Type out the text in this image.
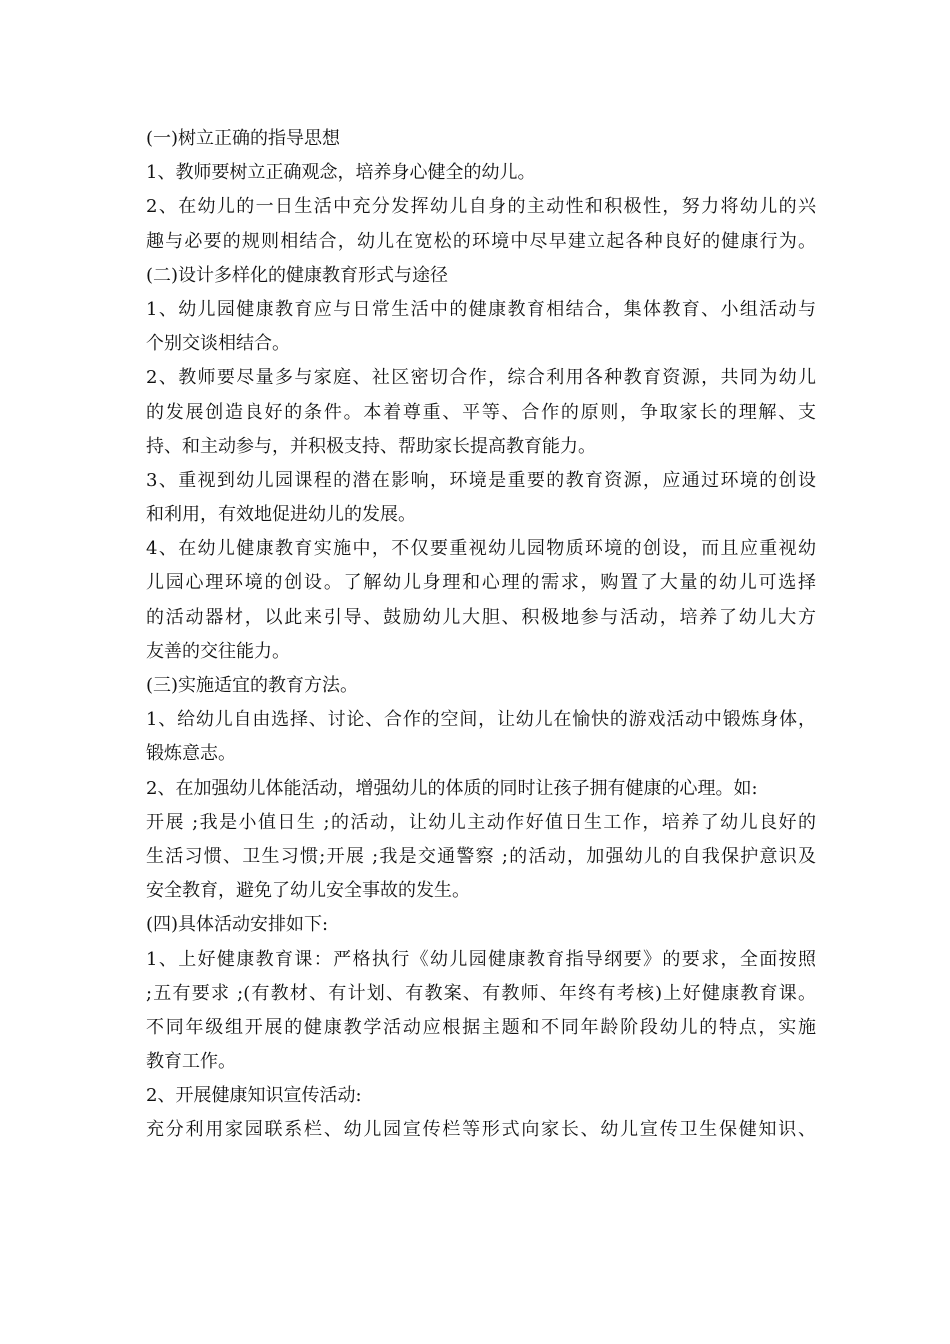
(一)树立正确的指导思想
1、教师要树立正确观念，培养身心健全的幼儿。
2、在幼儿的一日生活中充分发挥幼儿自身的主动性和积极性，努力将幼儿的兴
趣与必要的规则相结合，幼儿在宽松的环境中尽早建立起各种良好的健康行为。
(二)设计多样化的健康教育形式与途径
1、幼儿园健康教育应与日常生活中的健康教育相结合，集体教育、小组活动与
个别交谈相结合。
2、教师要尽量多与家庭、社区密切合作，综合利用各种教育资源，共同为幼儿
的发展创造良好的条件。本着尊重、平等、合作的原则，争取家长的理解、支
持、和主动参与，并积极支持、帮助家长提高教育能力。
3、重视到幼儿园课程的潜在影响，环境是重要的教育资源，应通过环境的创设
和利用，有效地促进幼儿的发展。
4、在幼儿健康教育实施中，不仅要重视幼儿园物质环境的创设，而且应重视幼
儿园心理环境的创设。了解幼儿身理和心理的需求，购置了大量的幼儿可选择
的活动器材，以此来引导、鼓励幼儿大胆、积极地参与活动，培养了幼儿大方
友善的交往能力。
(三)实施适宜的教育方法。
1、给幼儿自由选择、讨论、合作的空间，让幼儿在愉快的游戏活动中锻炼身体，
锻炼意志。
2、在加强幼儿体能活动，增强幼儿的体质的同时让孩子拥有健康的心理。如:
开展 ;我是小值日生 ;的活动，让幼儿主动作好值日生工作，培养了幼儿良好的
生活习惯、卫生习惯;开展 ;我是交通警察 ;的活动，加强幼儿的自我保护意识及
安全教育，避免了幼儿安全事故的发生。
(四)具体活动安排如下:
1、上好健康教育课：严格执行《幼儿园健康教育指导纲要》的要求，全面按照
;五有要求 ;(有教材、有计划、有教案、有教师、年终有考核)上好健康教育课。
不同年级组开展的健康教学活动应根据主题和不同年龄阶段幼儿的特点，实施
教育工作。
2、开展健康知识宣传活动:
充分利用家园联系栏、幼儿园宣传栏等形式向家长、幼儿宣传卫生保健知识、
